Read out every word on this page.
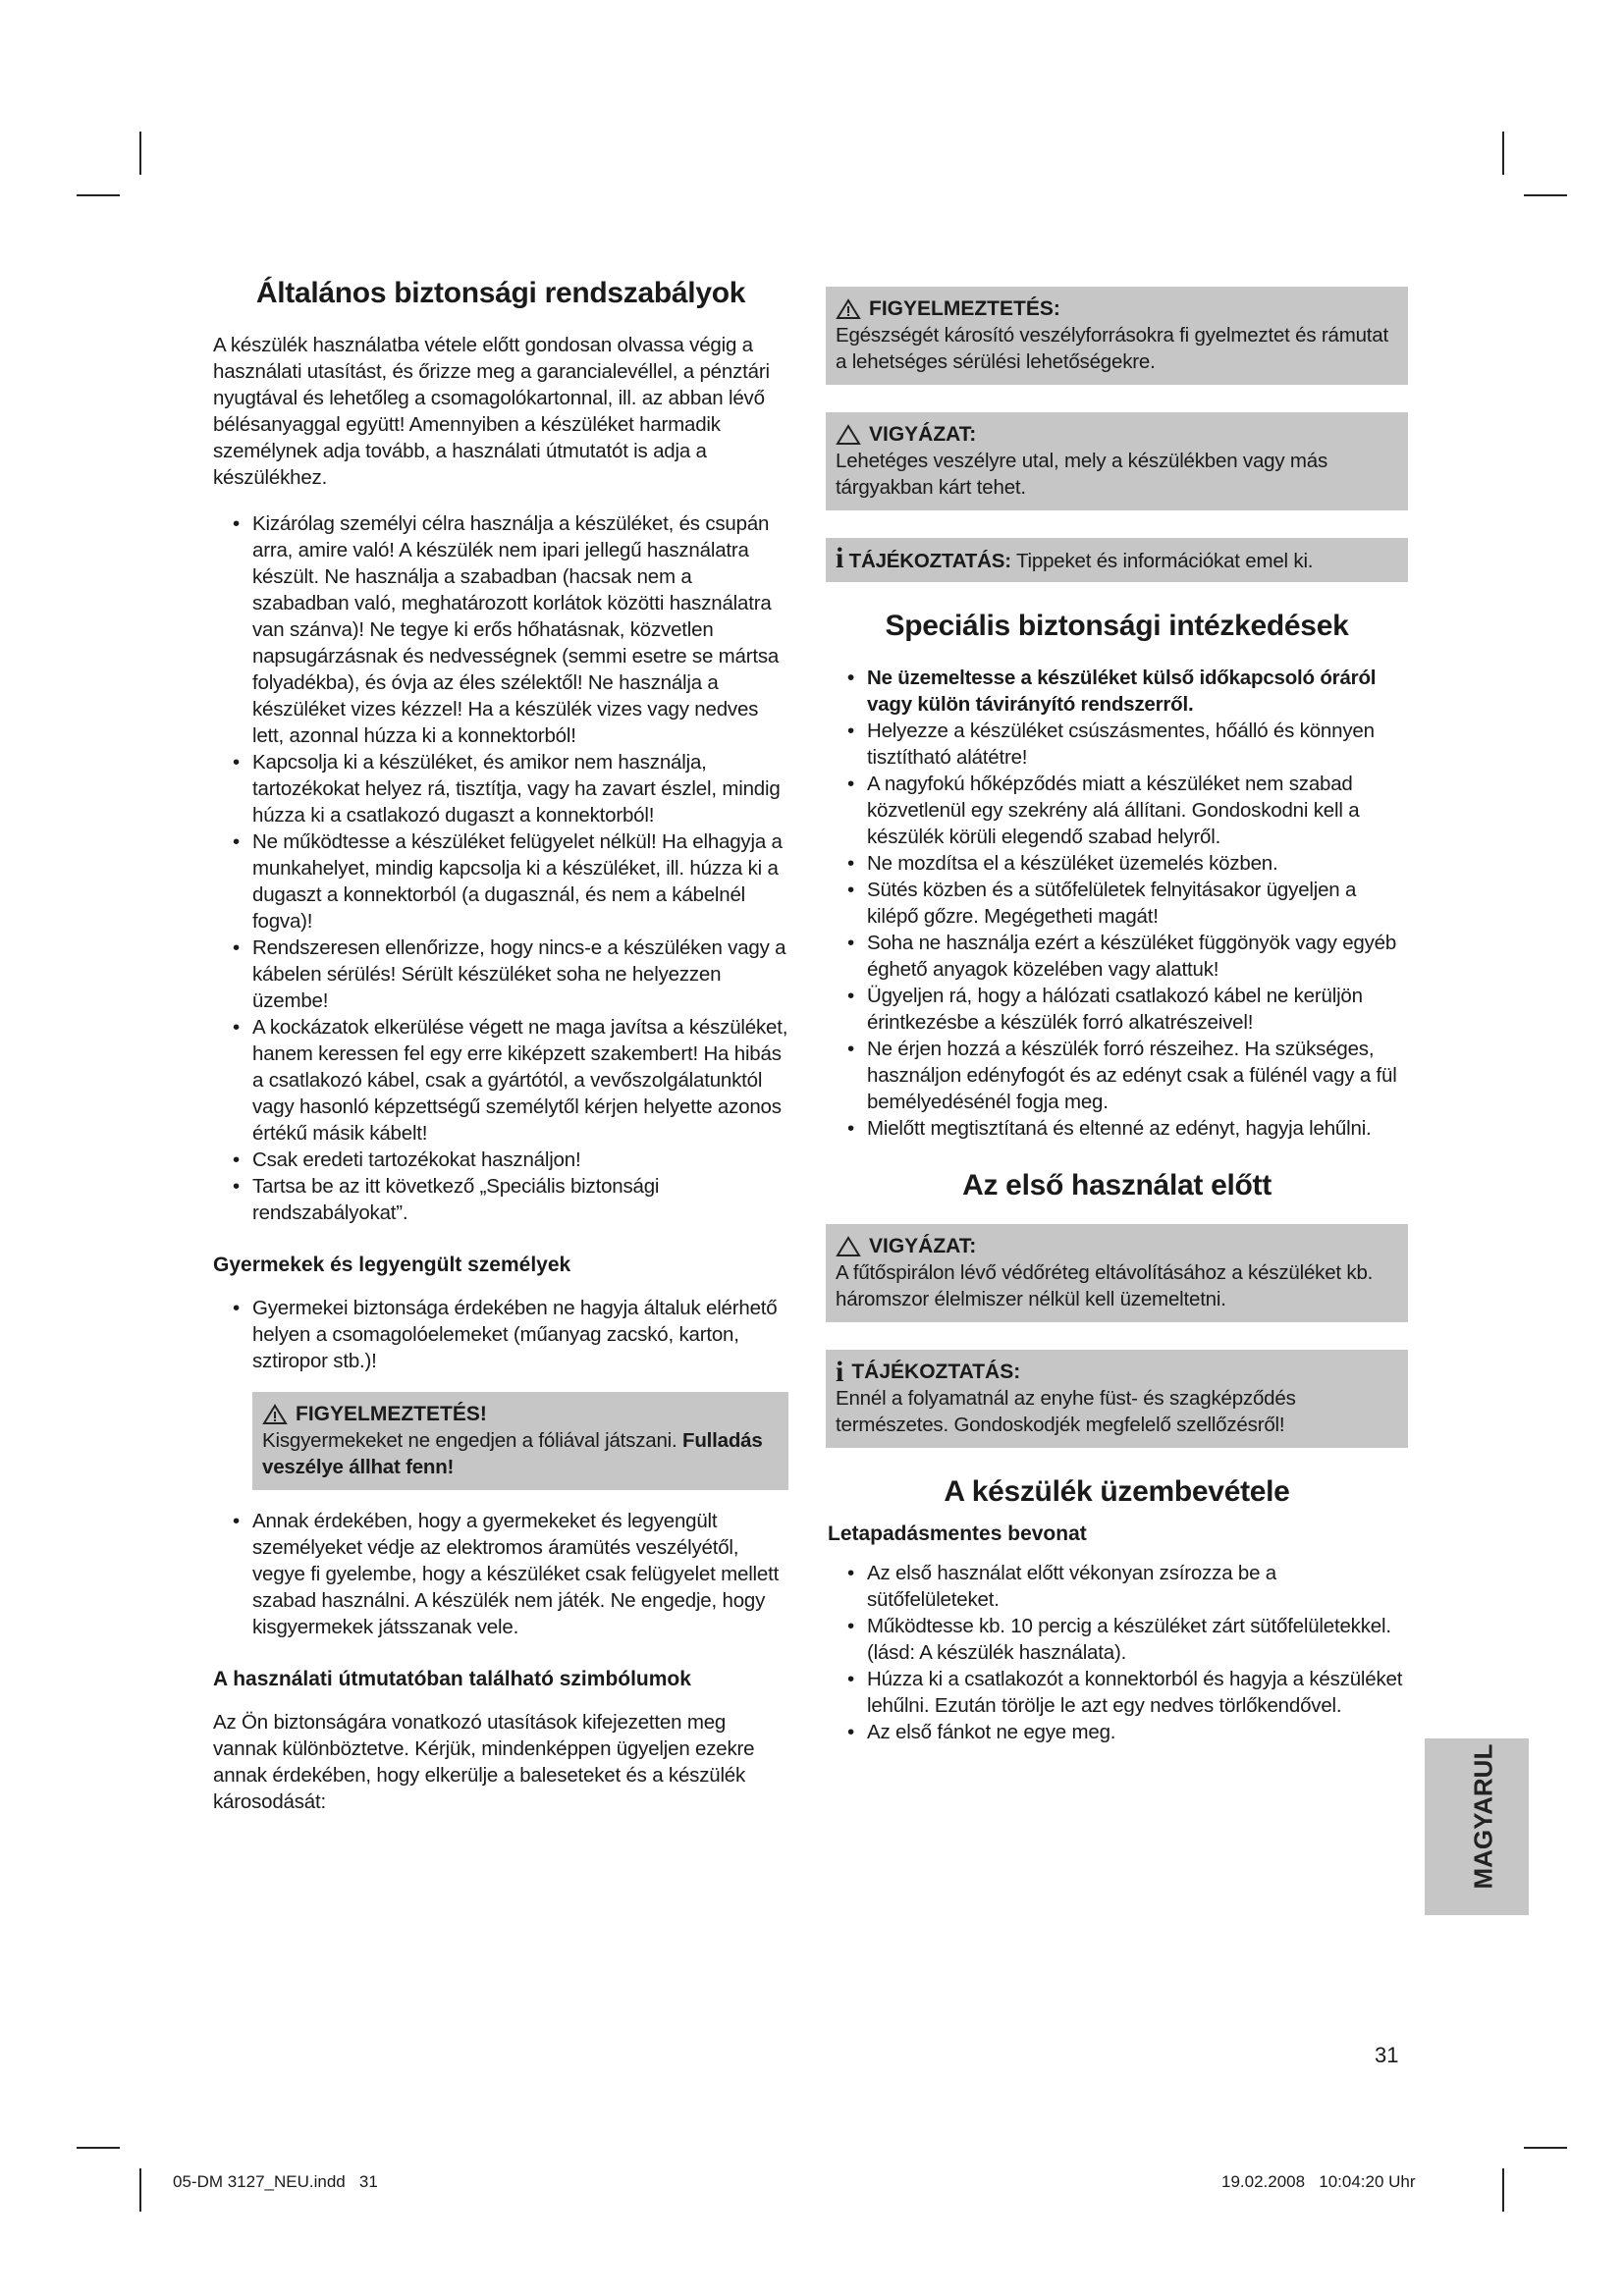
Általános biztonsági rendszabályok

A készülék használatba vétele előtt gondosan olvassa végig a használati utasítást, és őrizze meg a garancialevéllel, a pénztári nyugtával és lehetőleg a csomagolókartonnal, ill. az abban lévő bélésanyaggal együtt! Amennyiben a készüléket harmadik személynek adja tovább, a használati útmutatót is adja a készülékhez.

• Kizárólag személyi célra használja a készüléket, és csupán arra, amire való! A készülék nem ipari jellegű használatra készült. Ne használja a szabadban (hacsak nem a szabadban való, meghatározott korlátok közötti használatra van szánva)! Ne tegye ki erős hőhatásnak, közvetlen napsugárzásnak és nedvességnek (semmi esetre se mártsa folyadékba), és óvja az éles szélektől! Ne használja a készüléket vizes kézzel! Ha a készülék vizes vagy nedves lett, azonnal húzza ki a konnektorból!
• Kapcsolja ki a készüléket, és amikor nem használja, tartozékokat helyez rá, tisztítja, vagy ha zavart észlel, mindig húzza ki a csatlakozó dugaszt a konnektorból!
• Ne működtesse a készüléket felügyelet nélkül! Ha elhagyja a munkahelyet, mindig kapcsolja ki a készüléket, ill. húzza ki a dugaszt a konnektorból (a dugasznál, és nem a kábelnél fogva)!
• Rendszeresen ellenőrizze, hogy nincs-e a készüléken vagy a kábelen sérülés! Sérült készüléket soha ne helyezzen üzembe!
• A kockázatok elkerülése végett ne maga javítsa a készüléket, hanem keressen fel egy erre kiképzett szakembert! Ha hibás a csatlakozó kábel, csak a gyártótól, a vevőszolgálatunktól vagy hasonló képzettségű személytől kérjen helyette azonos értékű másik kábelt!
• Csak eredeti tartozékokat használjon!
• Tartsa be az itt következő „Speciális biztonsági rendszabályokat”.
Gyermekek és legyengült személyek
• Gyermekei biztonsága érdekében ne hagyja általuk elérhető helyen a csomagolóelemeket (műanyag zacskó, karton, sztiropor stb.)!
FIGYELMEZTETÉS!
Kisgyermekeket ne engedjen a fóliával játszani. Fulladás veszélye állhat fenn!
• Annak érdekében, hogy a gyermekeket és legyengült személyeket védje az elektromos áramütés veszélyétől, vegye fi gyelembe, hogy a készüléket csak felügyelet mellett szabad használni. A készülék nem játék. Ne engedje, hogy kisgyermekek játsszanak vele.
A használati útmutatóban található szimbólumok

Az Ön biztonságára vonatkozó utasítások kifejezetten meg vannak különböztetve. Kérjük, mindenképpen ügyeljen ezekre annak érdekében, hogy elkerülje a baleseteket és a készülék károsodását:

FIGYELMEZTETÉS:
Egészségét károsító veszélyforrásokra fi gyelmeztet és rámutat a lehetséges sérülési lehetőségekre.
VIGYÁZAT:
Lehetéges veszélyre utal, mely a készülékben vagy más tárgyakban kárt tehet.
i TÁJÉKOZTATÁS: Tippeket és információkat emel ki.
Speciális biztonsági intézkedések
• Ne üzemeltesse a készüléket külső időkapcsoló óráról vagy külön távirányító rendszerről.
• Helyezze a készüléket csúszásmentes, hőálló és könnyen tisztítható alátétre!
• A nagyfokú hőképződés miatt a készüléket nem szabad közvetlenül egy szekrény alá állítani. Gondoskodni kell a készülék körüli elegendő szabad helyről.
• Ne mozdítsa el a készüléket üzemelés közben.
• Sütés közben és a sütőfelületek felnyitásakor ügyeljen a kilépő gőzre. Megégetheti magát!
• Soha ne használja ezért a készüléket függönyök vagy egyéb éghető anyagok közelében vagy alattuk!
• Ügyeljen rá, hogy a hálózati csatlakozó kábel ne kerüljön érintkezésbe a készülék forró alkatrészeivel!
• Ne érjen hozzá a készülék forró részeihez. Ha szükséges, használjon edényfogót és az edényt csak a fülénél vagy a fül bemélyedésénél fogja meg.
• Mielőtt megtisztítaná és eltenné az edényt, hagyja lehűlni.
Az első használat előtt
VIGYÁZAT:
A fűtőspirálon lévő védőréteg eltávolításához a készüléket kb. háromszor élelmiszer nélkül kell üzemeltetni.
i TÁJÉKOZTATÁS:
Ennél a folyamatnál az enyhe füst- és szagképződés természetes. Gondoskodjék megfelelő szellőzésről!
A készülék üzembevétele
Letapadásmentes bevonat
• Az első használat előtt vékonyan zsírozza be a sütőfelületeket.
• Működtesse kb. 10 percig a készüléket zárt sütőfelületekkel. (lásd: A készülék használata).
• Húzza ki a csatlakozót a konnektorból és hagyja a készüléket lehűlni. Ezután törölje le azt egy nedves törlőkendővel.
• Az első fánkot ne egye meg.
MAGYARUL
31
05-DM 3127_NEU.indd   31	19.02.2008   10:04:20 Uhr
